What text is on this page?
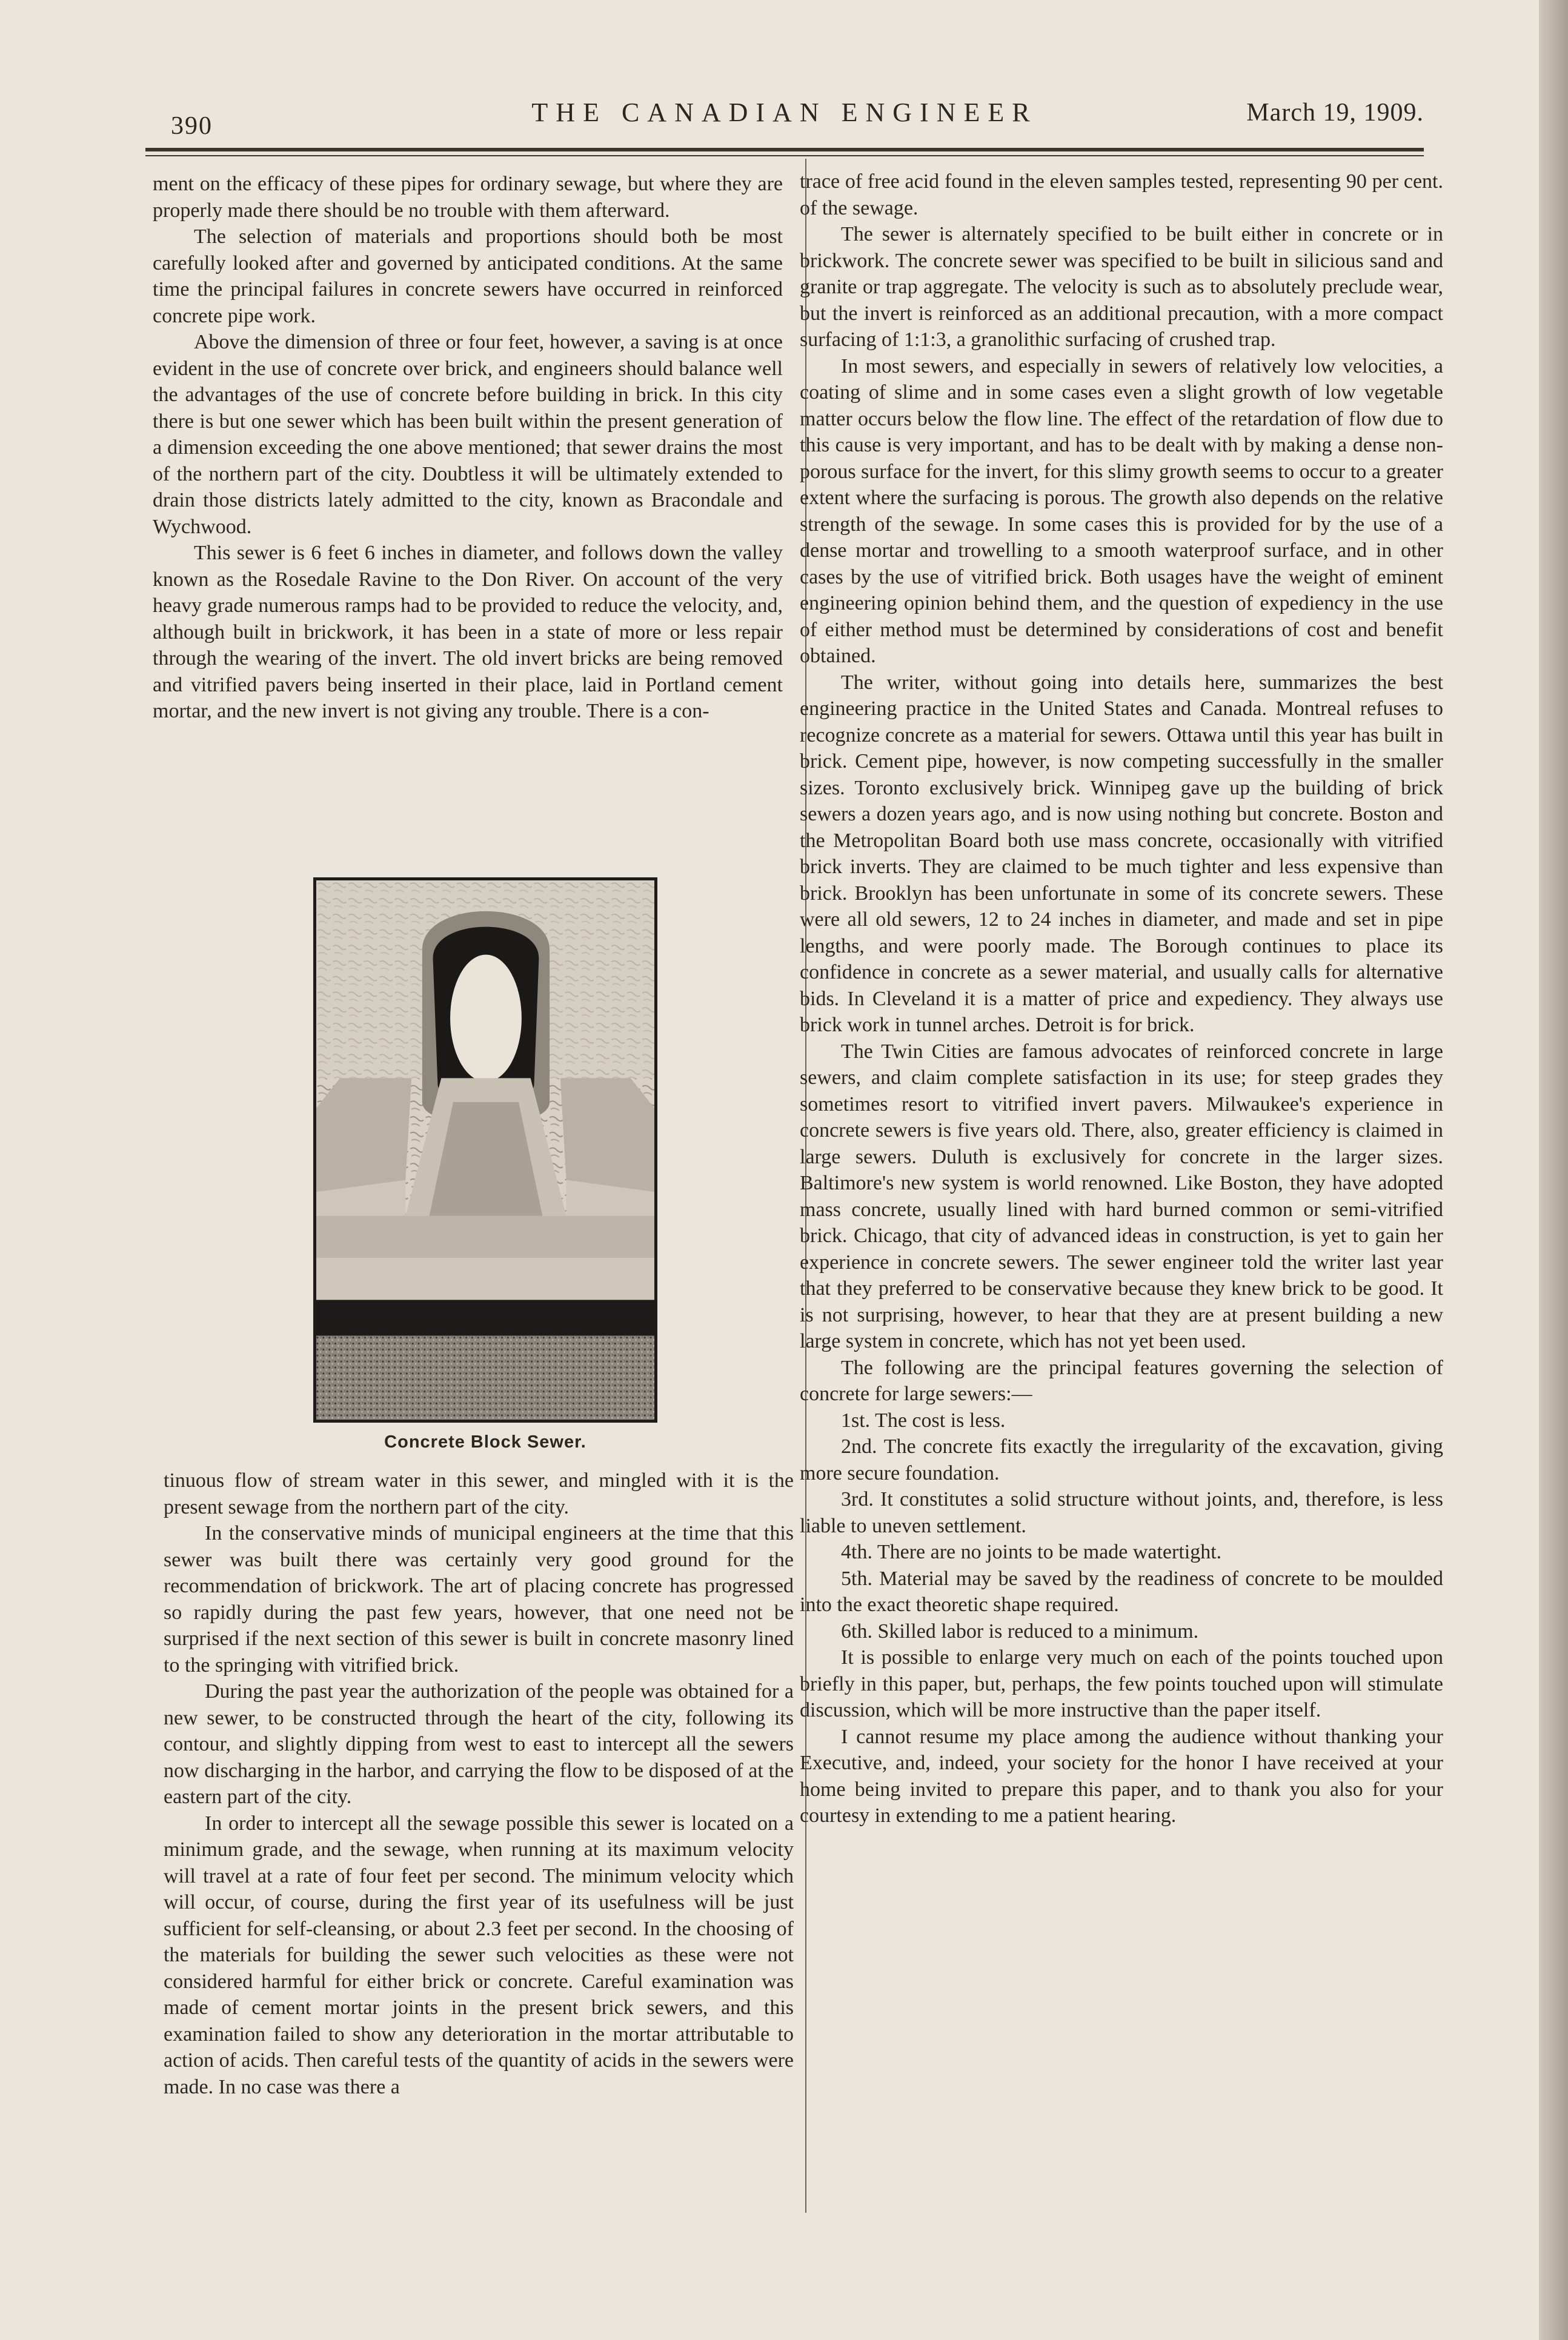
390	THE CANADIAN ENGINEER	March 19, 1909.

ment on the efficacy of these pipes for ordinary sewage, but where they are properly made there should be no trouble with them afterward.

The selection of materials and proportions should both be most carefully looked after and governed by anticipated conditions. At the same time the principal failures in concrete sewers have occurred in reinforced concrete pipe work.

Above the dimension of three or four feet, however, a saving is at once evident in the use of concrete over brick, and engineers should balance well the advantages of the use of concrete before building in brick. In this city there is but one sewer which has been built within the present generation of a dimension exceeding the one above mentioned; that sewer drains the most of the northern part of the city. Doubtless it will be ultimately extended to drain those districts lately admitted to the city, known as Bracondale and Wychwood.

This sewer is 6 feet 6 inches in diameter, and follows down the valley known as the Rosedale Ravine to the Don River. On account of the very heavy grade numerous ramps had to be provided to reduce the velocity, and, although built in brickwork, it has been in a state of more or less repair through the wearing of the invert. The old invert bricks are being removed and vitrified pavers being inserted in their place, laid in Portland cement mortar, and the new invert is not giving any trouble. There is a con-

Concrete Block Sewer.

tinuous flow of stream water in this sewer, and mingled with it is the present sewage from the northern part of the city.

In the conservative minds of municipal engineers at the time that this sewer was built there was certainly very good ground for the recommendation of brickwork. The art of placing concrete has progressed so rapidly during the past few years, however, that one need not be surprised if the next section of this sewer is built in concrete masonry lined to the springing with vitrified brick.

During the past year the authorization of the people was obtained for a new sewer, to be constructed through the heart of the city, following its contour, and slightly dipping from west to east to intercept all the sewers now discharging in the harbor, and carrying the flow to be disposed of at the eastern part of the city.

In order to intercept all the sewage possible this sewer is located on a minimum grade, and the sewage, when running at its maximum velocity will travel at a rate of four feet per second. The minimum velocity which will occur, of course, during the first year of its usefulness will be just sufficient for self-cleansing, or about 2.3 feet per second. In the choosing of the materials for building the sewer such velocities as these were not considered harmful for either brick or concrete. Careful examination was made of cement mortar joints in the present brick sewers, and this examination failed to show any deterioration in the mortar attributable to action of acids. Then careful tests of the quantity of acids in the sewers were made. In no case was there a

trace of free acid found in the eleven samples tested, representing 90 per cent. of the sewage.

The sewer is alternately specified to be built either in concrete or in brickwork. The concrete sewer was specified to be built in silicious sand and granite or trap aggregate. The velocity is such as to absolutely preclude wear, but the invert is reinforced as an additional precaution, with a more compact surfacing of 1:1:3, a granolithic surfacing of crushed trap.

In most sewers, and especially in sewers of relatively low velocities, a coating of slime and in some cases even a slight growth of low vegetable matter occurs below the flow line. The effect of the retardation of flow due to this cause is very important, and has to be dealt with by making a dense non-porous surface for the invert, for this slimy growth seems to occur to a greater extent where the surfacing is porous. The growth also depends on the relative strength of the sewage. In some cases this is provided for by the use of a dense mortar and trowelling to a smooth waterproof surface, and in other cases by the use of vitrified brick. Both usages have the weight of eminent engineering opinion behind them, and the question of expediency in the use of either method must be determined by considerations of cost and benefit obtained.

The writer, without going into details here, summarizes the best engineering practice in the United States and Canada. Montreal refuses to recognize concrete as a material for sewers. Ottawa until this year has built in brick. Cement pipe, however, is now competing successfully in the smaller sizes. Toronto exclusively brick. Winnipeg gave up the building of brick sewers a dozen years ago, and is now using nothing but concrete. Boston and the Metropolitan Board both use mass concrete, occasionally with vitrified brick inverts. They are claimed to be much tighter and less expensive than brick. Brooklyn has been unfortunate in some of its concrete sewers. These were all old sewers, 12 to 24 inches in diameter, and made and set in pipe lengths, and were poorly made. The Borough continues to place its confidence in concrete as a sewer material, and usually calls for alternative bids. In Cleveland it is a matter of price and expediency. They always use brick work in tunnel arches. Detroit is for brick.

The Twin Cities are famous advocates of reinforced concrete in large sewers, and claim complete satisfaction in its use; for steep grades they sometimes resort to vitrified invert pavers. Milwaukee's experience in concrete sewers is five years old. There, also, greater efficiency is claimed in large sewers. Duluth is exclusively for concrete in the larger sizes. Baltimore's new system is world renowned. Like Boston, they have adopted mass concrete, usually lined with hard burned common or semi-vitrified brick. Chicago, that city of advanced ideas in construction, is yet to gain her experience in concrete sewers. The sewer engineer told the writer last year that they preferred to be conservative because they knew brick to be good. It is not surprising, however, to hear that they are at present building a new large system in concrete, which has not yet been used.

The following are the principal features governing the selection of concrete for large sewers:—

1st. The cost is less.

2nd. The concrete fits exactly the irregularity of the excavation, giving more secure foundation.

3rd. It constitutes a solid structure without joints, and, therefore, is less liable to uneven settlement.

4th. There are no joints to be made watertight.

5th. Material may be saved by the readiness of concrete to be moulded into the exact theoretic shape required.

6th. Skilled labor is reduced to a minimum.

It is possible to enlarge very much on each of the points touched upon briefly in this paper, but, perhaps, the few points touched upon will stimulate discussion, which will be more instructive than the paper itself.

I cannot resume my place among the audience without thanking your Executive, and, indeed, your society for the honor I have received at your home being invited to prepare this paper, and to thank you also for your courtesy in extending to me a patient hearing.
